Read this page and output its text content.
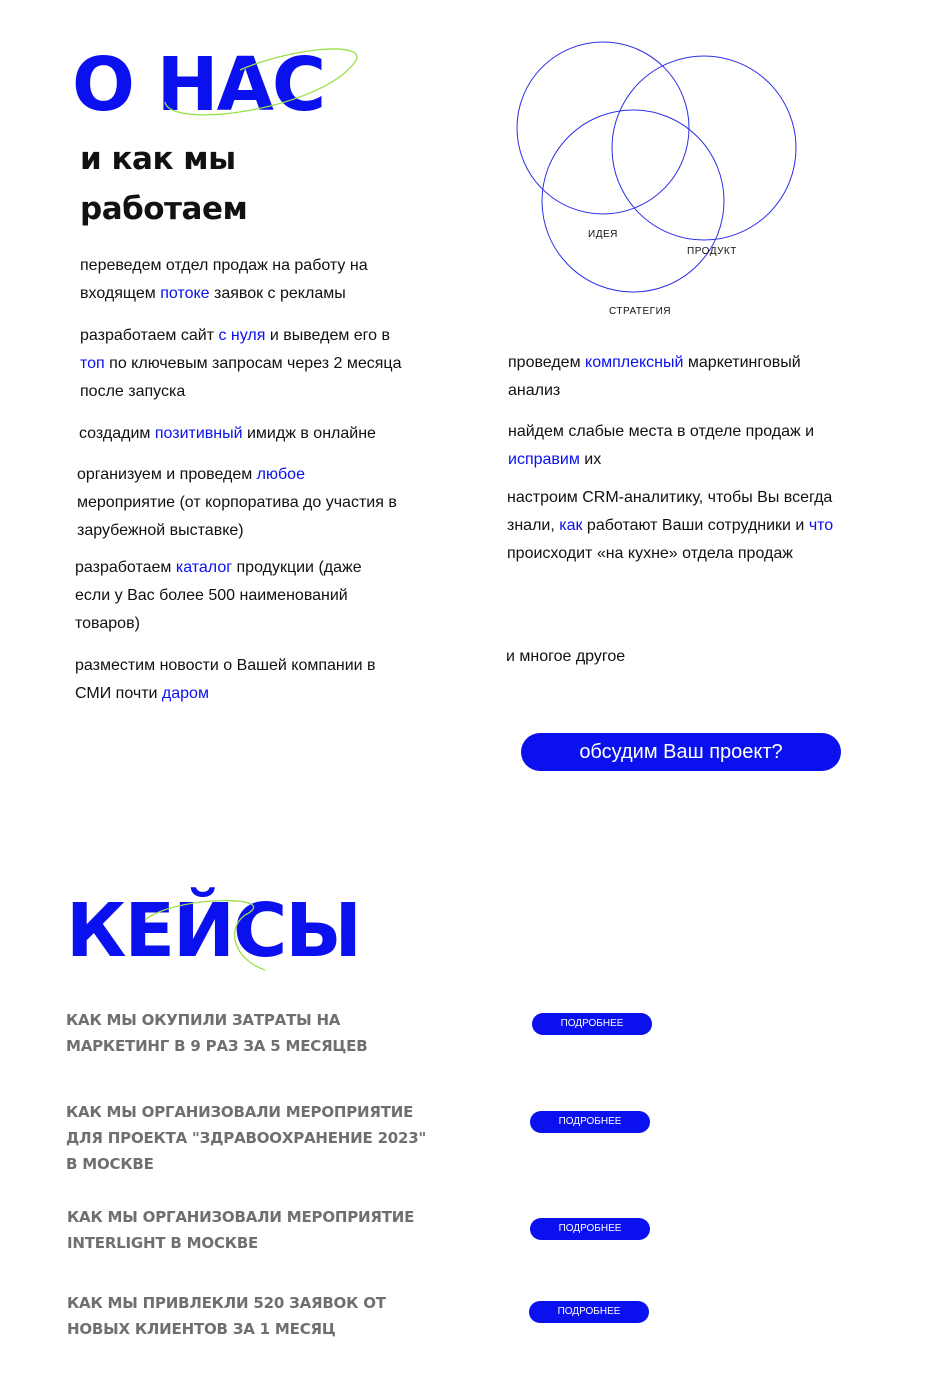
О НАС
и как мы
работаем
переведем отдел продаж на работу на входящем потоке заявок с рекламы
разработаем сайт с нуля и выведем его в топ по ключевым запросам через 2 месяца после запуска
создадим позитивный имидж в онлайне
организуем и проведем любое мероприятие (от корпоратива до участия в зарубежной выставке)
разработаем каталог продукции (даже если у Вас более 500 наименований товаров)
разместим новости о Вашей компании в СМИ почти даром
ИДЕЯ
ПРОДУКТ
СТРАТЕГИЯ
проведем комплексный маркетинговый анализ
найдем слабые места в отделе продаж и исправим их
настроим CRM-аналитику, чтобы Вы всегда знали, как работают Ваши сотрудники и что происходит «на кухне» отдела продаж
и многое другое
обсудим Ваш проект?
КЕЙСЫ
КАК МЫ ОКУПИЛИ ЗАТРАТЫ НА
МАРКЕТИНГ В 9 РАЗ ЗА 5 МЕСЯЦЕВ
ПОДРОБНЕЕ
КАК МЫ ОРГАНИЗОВАЛИ МЕРОПРИЯТИЕ
ДЛЯ ПРОЕКТА "ЗДРАВООХРАНЕНИЕ 2023"
В МОСКВЕ
ПОДРОБНЕЕ
КАК МЫ ОРГАНИЗОВАЛИ МЕРОПРИЯТИЕ
INTERLIGHT В МОСКВЕ
ПОДРОБНЕЕ
КАК МЫ ПРИВЛЕКЛИ 520 ЗАЯВОК ОТ
НОВЫХ КЛИЕНТОВ ЗА 1 МЕСЯЦ
ПОДРОБНЕЕ
